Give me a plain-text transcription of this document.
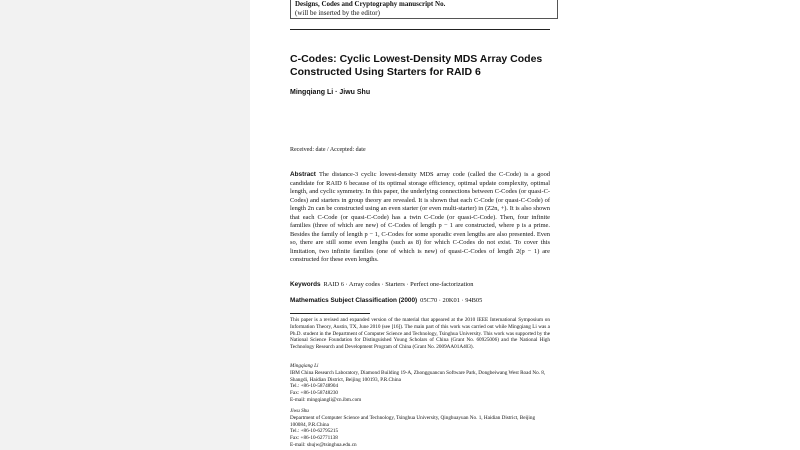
Designs, Codes and Cryptography manuscript No.
(will be inserted by the editor)
C-Codes: Cyclic Lowest-Density MDS Array Codes Constructed Using Starters for RAID 6
Mingqiang Li · Jiwu Shu
Received: date / Accepted: date
Abstract The distance-3 cyclic lowest-density MDS array code (called the C-Code) is a good candidate for RAID 6 because of its optimal storage efficiency, optimal update complexity, optimal length, and cyclic symmetry. In this paper, the underlying connections between C-Codes (or quasi-C-Codes) and starters in group theory are revealed. It is shown that each C-Code (or quasi-C-Code) of length 2n can be constructed using an even starter (or even multi-starter) in (Z2n, +). It is also shown that each C-Code (or quasi-C-Code) has a twin C-Code (or quasi-C-Code). Then, four infinite families (three of which are new) of C-Codes of length p − 1 are constructed, where p is a prime. Besides the family of length p − 1, C-Codes for some sporadic even lengths are also presented. Even so, there are still some even lengths (such as 8) for which C-Codes do not exist. To cover this limitation, two infinite families (one of which is new) of quasi-C-Codes of length 2(p − 1) are constructed for these even lengths.
Keywords RAID 6 · Array codes · Starters · Perfect one-factorization
Mathematics Subject Classification (2000) 05C70 · 20K01 · 94B05
This paper is a revised and expanded version of the material that appeared at the 2010 IEEE International Symposium on Information Theory, Austin, TX, June 2010 (see [16]). The main part of this work was carried out while Mingqiang Li was a Ph.D. student in the Department of Computer Science and Technology, Tsinghua University. This work was supported by the National Science Foundation for Distinguished Young Scholars of China (Grant No. 60925006) and the National High Technology Research and Development Program of China (Grant No. 2009AA01A403).
Mingqiang Li
IBM China Research Laboratory, Diamond Building 19-A, Zhongguancun Software Park, Dongbeiwang West Road No. 8, Shangdi, Haidian District, Beijing 100193, P.R.China
Tel.: +86-10-58748904
Fax: +86-10-58748230
E-mail: mingqiangli@cn.ibm.com
Jiwu Shu
Department of Computer Science and Technology, Tsinghua University, Qinghuayuan No. 1, Haidian District, Beijing 100084, P.R.China
Tel.: +86-10-62795215
Fax: +86-10-62771138
E-mail: shujw@tsinghua.edu.cn
